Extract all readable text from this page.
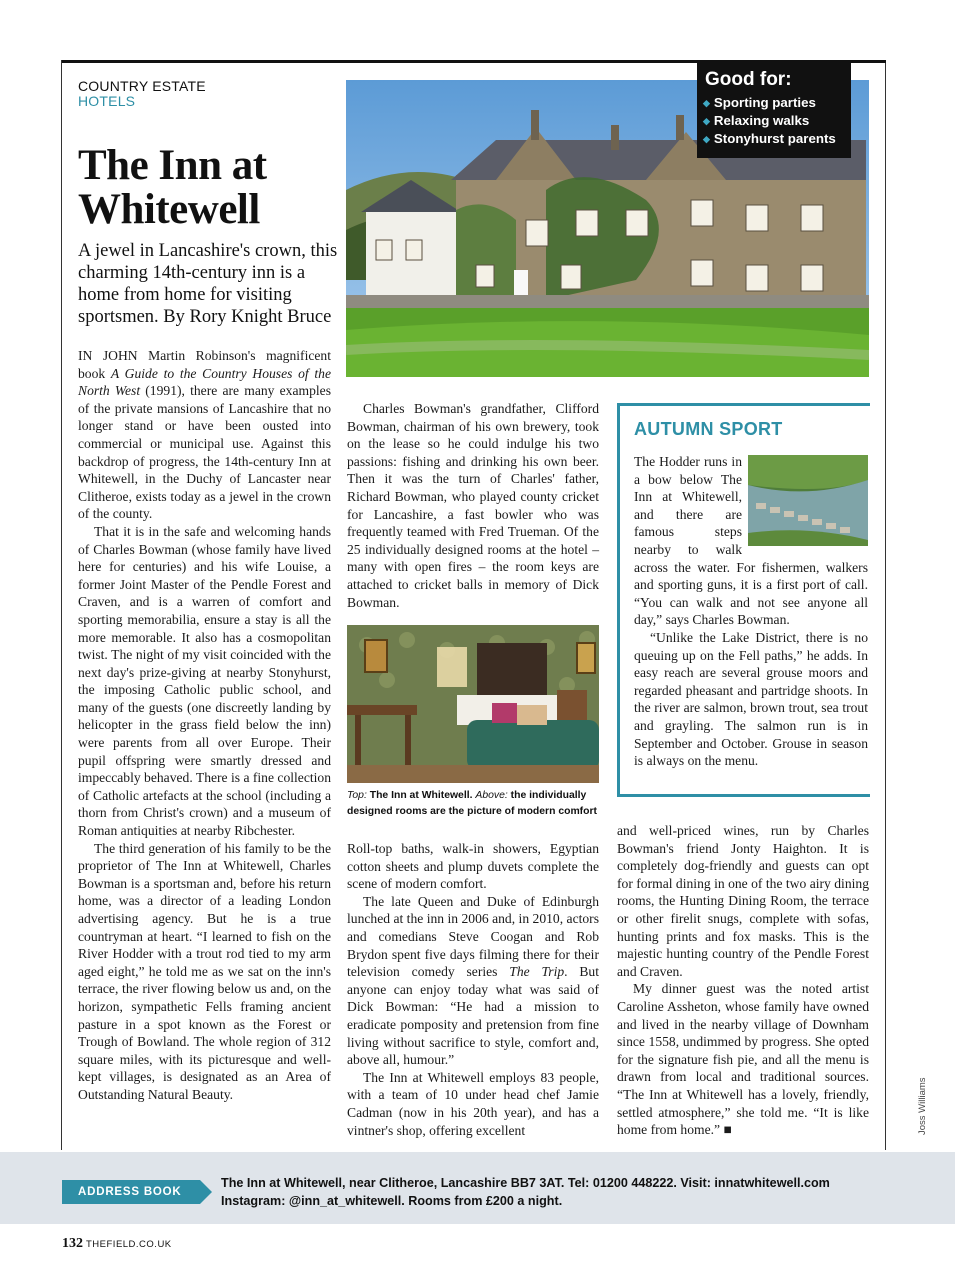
COUNTRY ESTATE
HOTELS
The Inn at Whitewell

A jewel in Lancashire's crown, this charming 14th-century inn is a home from home for visiting sportsmen. By Rory Knight Bruce

Good for:
◆ Sporting parties
◆ Relaxing walks
◆ Stonyhurst parents

IN JOHN Martin Robinson's magnificent book A Guide to the Country Houses of the North West (1991), there are many examples of the private mansions of Lancashire that no longer stand or have been ousted into commercial or municipal use. Against this backdrop of progress, the 14th-century Inn at Whitewell, in the Duchy of Lancaster near Clitheroe, exists today as a jewel in the crown of the county.

That it is in the safe and welcoming hands of Charles Bowman (whose family have lived here for centuries) and his wife Louise, a former Joint Master of the Pendle Forest and Craven, and is a warren of comfort and sporting memorabilia, ensure a stay is all the more memorable. It also has a cosmopolitan twist. The night of my visit coincided with the next day's prize-giving at nearby Stonyhurst, the imposing Catholic public school, and many of the guests (one discreetly landing by helicopter in the grass field below the inn) were parents from all over Europe. Their pupil offspring were smartly dressed and impeccably behaved. There is a fine collection of Catholic artefacts at the school (including a thorn from Christ's crown) and a museum of Roman antiquities at nearby Ribchester.

The third generation of his family to be the proprietor of The Inn at Whitewell, Charles Bowman is a sportsman and, before his return home, was a director of a leading London advertising agency. But he is a true countryman at heart. “I learned to fish on the River Hodder with a trout rod tied to my arm aged eight,” he told me as we sat on the inn's terrace, the river flowing below us and, on the horizon, sympathetic Fells framing ancient pasture in a spot known as the Forest or Trough of Bowland. The whole region of 312 square miles, with its picturesque and well-kept villages, is designated as an Area of Outstanding Natural Beauty.

Charles Bowman's grandfather, Clifford Bowman, chairman of his own brewery, took on the lease so he could indulge his two passions: fishing and drinking his own beer. Then it was the turn of Charles' father, Richard Bowman, who played county cricket for Lancashire, a fast bowler who was frequently teamed with Fred Trueman. Of the 25 individually designed rooms at the hotel – many with open fires – the room keys are attached to cricket balls in memory of Dick Bowman.

Top: The Inn at Whitewell. Above: the individually designed rooms are the picture of modern comfort

Roll-top baths, walk-in showers, Egyptian cotton sheets and plump duvets complete the scene of modern comfort.

The late Queen and Duke of Edinburgh lunched at the inn in 2006 and, in 2010, actors and comedians Steve Coogan and Rob Brydon spent five days filming there for their television comedy series The Trip. But anyone can enjoy today what was said of Dick Bowman: “He had a mission to eradicate pomposity and pretension from fine living without sacrifice to style, comfort and, above all, humour.”

The Inn at Whitewell employs 83 people, with a team of 10 under head chef Jamie Cadman (now in his 20th year), and has a vintner's shop, offering excellent

AUTUMN SPORT

The Hodder runs in a bow below The Inn at Whitewell, and there are famous steps nearby to walk across the water. For fishermen, walkers and sporting guns, it is a first port of call. “You can walk and not see anyone all day,” says Charles Bowman.

“Unlike the Lake District, there is no queuing up on the Fell paths,” he adds. In easy reach are several grouse moors and regarded pheasant and partridge shoots. In the river are salmon, brown trout, sea trout and grayling. The salmon run is in September and October. Grouse in season is always on the menu.

and well-priced wines, run by Charles Bowman's friend Jonty Haighton. It is completely dog-friendly and guests can opt for formal dining in one of the two airy dining rooms, the Hunting Dining Room, the terrace or other firelit snugs, complete with sofas, hunting prints and fox masks. This is the majestic hunting country of the Pendle Forest and Craven.

My dinner guest was the noted artist Caroline Assheton, whose family have owned and lived in the nearby village of Downham since 1558, undimmed by progress. She opted for the signature fish pie, and all the menu is drawn from local and traditional sources. “The Inn at Whitewell has a lovely, friendly, settled atmosphere,” she told me. “It is like home from home.” ■	Joss Williams
ADDRESS BOOK
The Inn at Whitewell, near Clitheroe, Lancashire BB7 3AT. Tel: 01200 448222. Visit: innatwhitewell.com
Instagram: @inn_at_whitewell. Rooms from £200 a night.
132 THEFIELD.CO.UK
